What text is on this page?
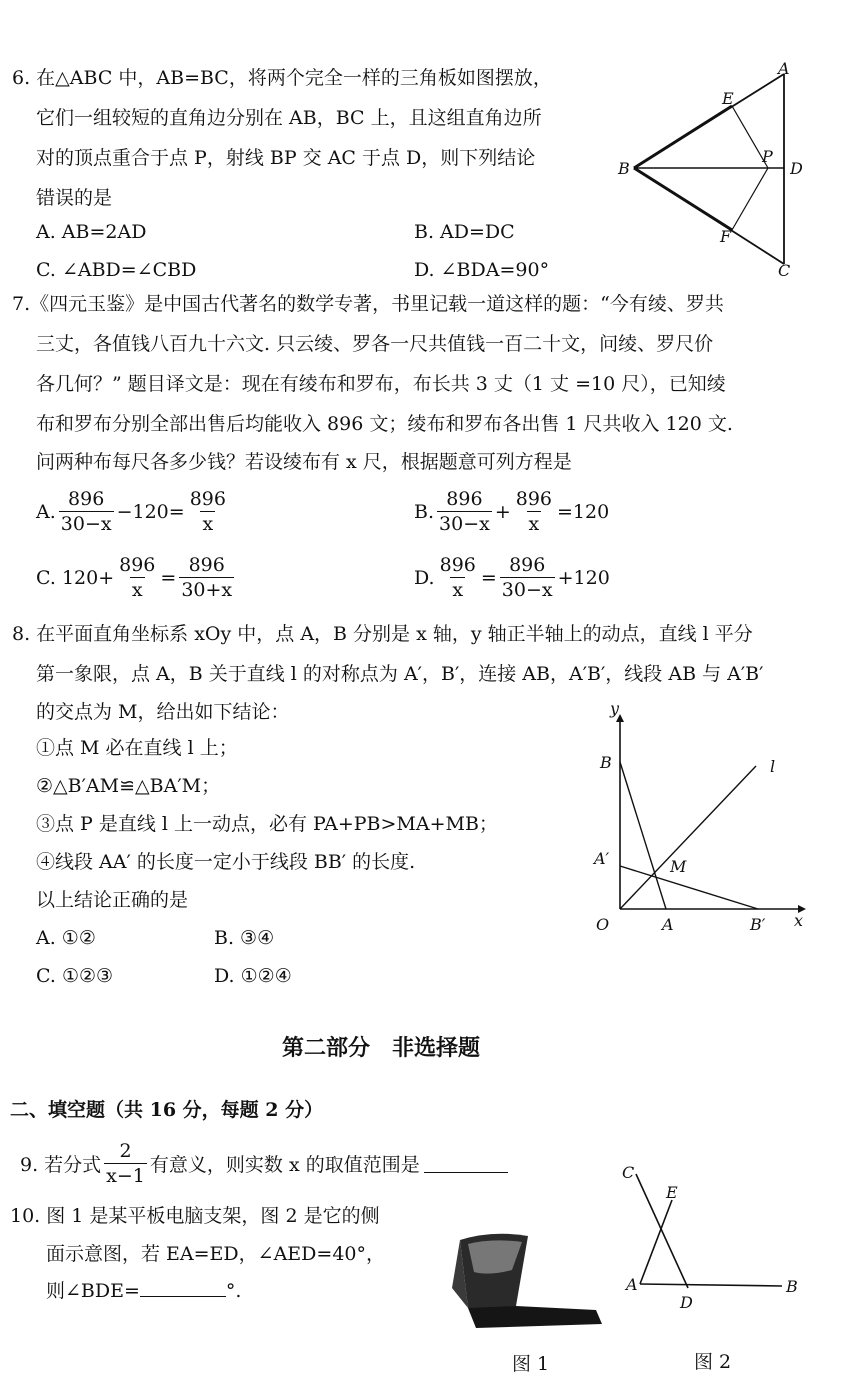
6. 在△ABC 中，AB=BC，将两个完全一样的三角板如图摆放，
它们一组较短的直角边分别在 AB，BC 上，且这组直角边所
对的顶点重合于点 P，射线 BP 交 AC 于点 D，则下列结论
错误的是
A. AB=2AD	B. AD=DC
C. ∠ABD=∠CBD	D. ∠BDA=90°
A
B
C
D
E
F
P
7.《四元玉鉴》是中国古代著名的数学专著，书里记载一道这样的题：“今有绫、罗共
三丈，各值钱八百九十六文. 只云绫、罗各一尺共值钱一百二十文，问绫、罗尺价
各几何？” 题目译文是：现在有绫布和罗布，布长共 3 丈（1 丈 =10 尺），已知绫
布和罗布分别全部出售后均能收入 896 文；绫布和罗布各出售 1 尺共收入 120 文.
问两种布每尺各多少钱？若设绫布有 x 尺，根据题意可列方程是
A. $\frac{896}{30-x} -120= \frac{896}{x}$	B. $\frac{896}{30-x} + \frac{896}{x} =120$
C. $120+ \frac{896}{x} = \frac{896}{30+x}$	D. $\frac{896}{x} = \frac{896}{30-x} +120$
8. 在平面直角坐标系 xOy 中，点 A，B 分别是 x 轴，y 轴正半轴上的动点，直线 l 平分
第一象限，点 A，B 关于直线 l 的对称点为 A′，B′，连接 AB，A′B′，线段 AB 与 A′B′
的交点为 M，给出如下结论：
①点 M 必在直线 l 上；
②△B′AM≌△BA′M；
③点 P 是直线 l 上一动点，必有 PA+PB>MA+MB；
④线段 AA′ 的长度一定小于线段 BB′ 的长度.
以上结论正确的是
A. ①②	B. ③④
C. ①②③	D. ①②④
y
x
O	A
B
A′
B′
M
l
第二部分　非选择题
二、填空题（共 16 分，每题 2 分）
9. 若分式 $\frac{2}{x-1}$ 有意义，则实数 x 的取值范围是
10. 图 1 是某平板电脑支架，图 2 是它的侧
面示意图，若 EA=ED，∠AED=40°，
则∠BDE=	°.
图 1
C
E
A
D
B
图 2
